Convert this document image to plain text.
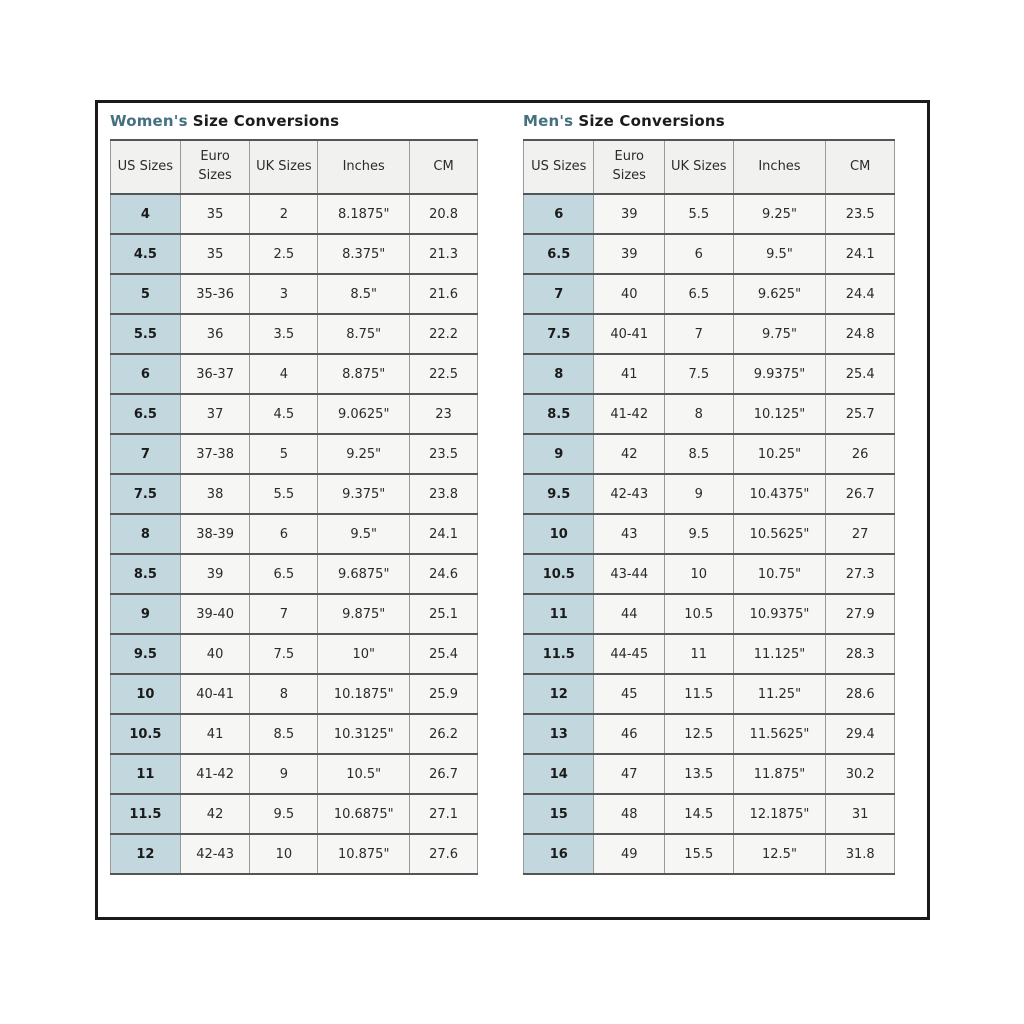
Women's Size Conversions
US Sizes	Euro Sizes	UK Sizes	Inches	CM
4	35	2	8.1875"	20.8
4.5	35	2.5	8.375"	21.3
5	35-36	3	8.5"	21.6
5.5	36	3.5	8.75"	22.2
6	36-37	4	8.875"	22.5
6.5	37	4.5	9.0625"	23
7	37-38	5	9.25"	23.5
7.5	38	5.5	9.375"	23.8
8	38-39	6	9.5"	24.1
8.5	39	6.5	9.6875"	24.6
9	39-40	7	9.875"	25.1
9.5	40	7.5	10"	25.4
10	40-41	8	10.1875"	25.9
10.5	41	8.5	10.3125"	26.2
11	41-42	9	10.5"	26.7
11.5	42	9.5	10.6875"	27.1
12	42-43	10	10.875"	27.6
Men's Size Conversions
US Sizes	Euro Sizes	UK Sizes	Inches	CM
6	39	5.5	9.25"	23.5
6.5	39	6	9.5"	24.1
7	40	6.5	9.625"	24.4
7.5	40-41	7	9.75"	24.8
8	41	7.5	9.9375"	25.4
8.5	41-42	8	10.125"	25.7
9	42	8.5	10.25"	26
9.5	42-43	9	10.4375"	26.7
10	43	9.5	10.5625"	27
10.5	43-44	10	10.75"	27.3
11	44	10.5	10.9375"	27.9
11.5	44-45	11	11.125"	28.3
12	45	11.5	11.25"	28.6
13	46	12.5	11.5625"	29.4
14	47	13.5	11.875"	30.2
15	48	14.5	12.1875"	31
16	49	15.5	12.5"	31.8
